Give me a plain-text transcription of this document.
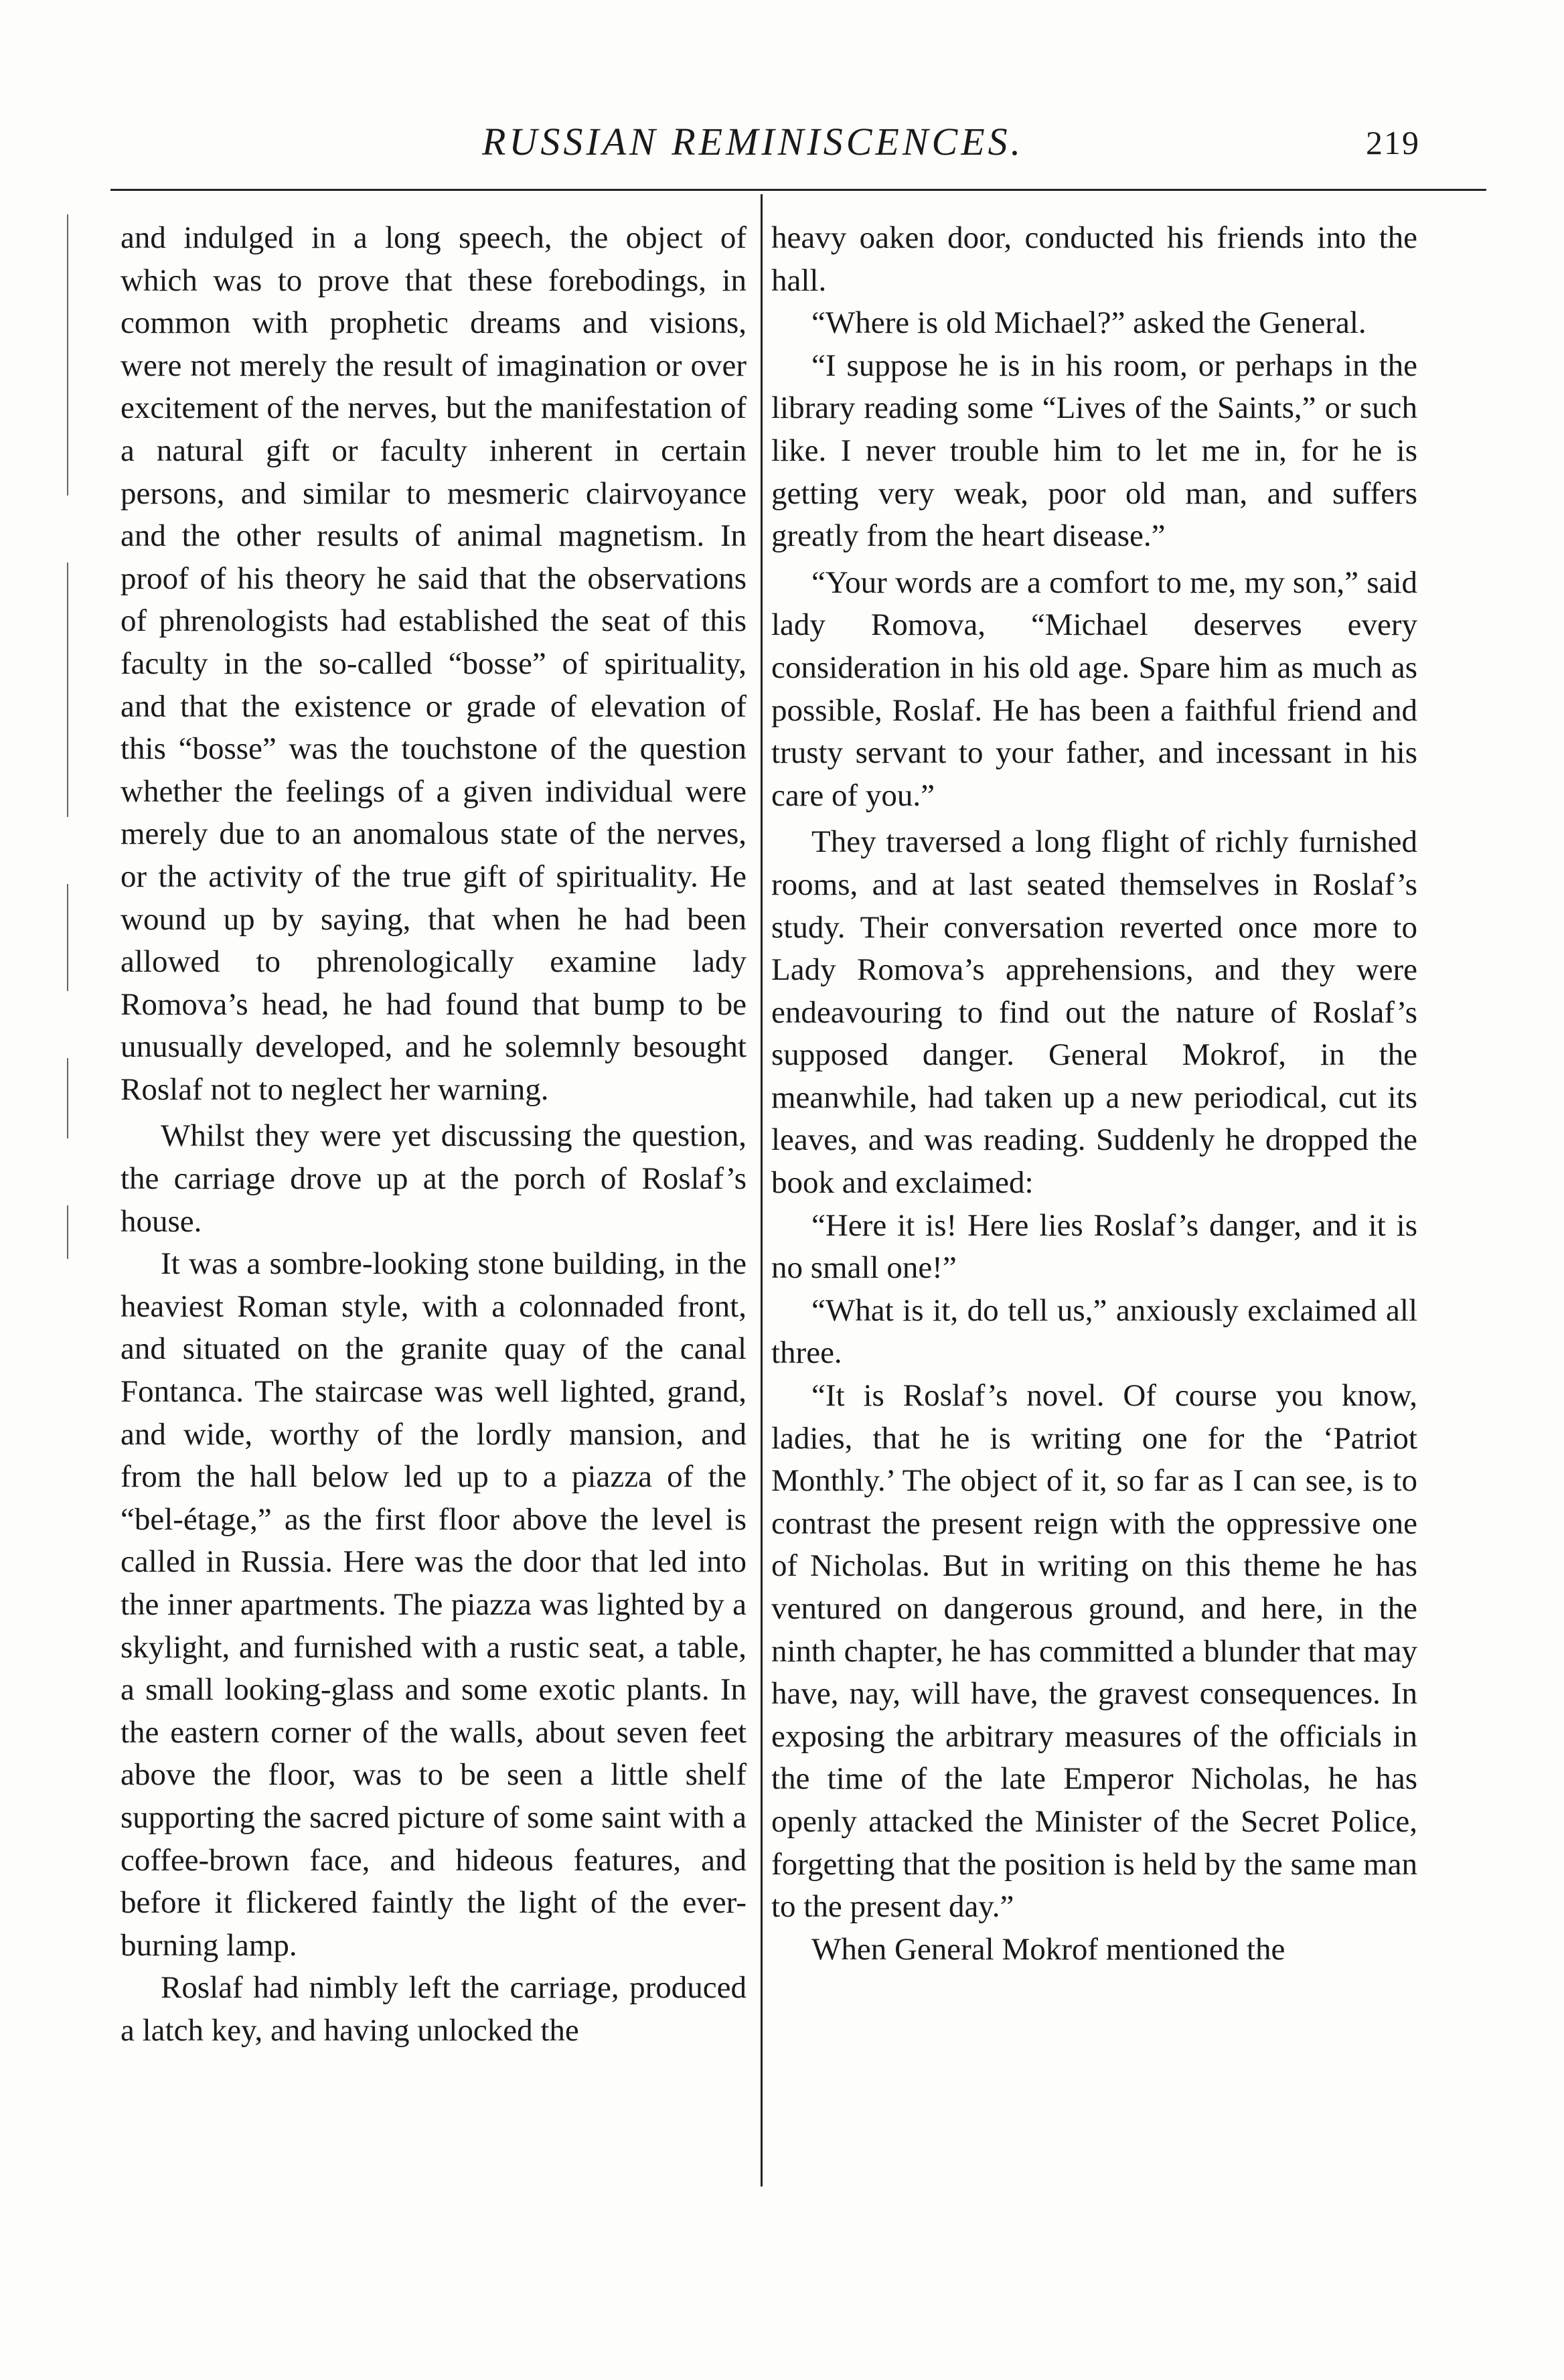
RUSSIAN REMINISCENCES.	219

and indulged in a long speech, the object of which was to prove that these forebodings, in common with prophetic dreams and visions, were not merely the result of imagination or over excitement of the nerves, but the manifestation of a natural gift or faculty inherent in certain persons, and similar to mesmeric clairvoyance and the other results of animal magnetism. In proof of his theory he said that the observations of phrenologists had established the seat of this faculty in the so-called “bosse” of spirituality, and that the existence or grade of elevation of this “bosse” was the touchstone of the question whether the feelings of a given individual were merely due to an anomalous state of the nerves, or the activity of the true gift of spirituality. He wound up by saying, that when he had been allowed to phrenologically examine lady Romova’s head, he had found that bump to be unusually developed, and he solemnly besought Roslaf not to neglect her warning.

Whilst they were yet discussing the question, the carriage drove up at the porch of Roslaf’s house.

It was a sombre-looking stone building, in the heaviest Roman style, with a colonnaded front, and situated on the granite quay of the canal Fontanca. The staircase was well lighted, grand, and wide, worthy of the lordly mansion, and from the hall below led up to a piazza of the “bel-étage,” as the first floor above the level is called in Russia. Here was the door that led into the inner apartments. The piazza was lighted by a skylight, and furnished with a rustic seat, a table, a small looking-glass and some exotic plants. In the eastern corner of the walls, about seven feet above the floor, was to be seen a little shelf supporting the sacred picture of some saint with a coffee-brown face, and hideous features, and before it flickered faintly the light of the ever-burning lamp.

Roslaf had nimbly left the carriage, produced a latch key, and having unlocked the

heavy oaken door, conducted his friends into the hall.

“Where is old Michael?” asked the General.

“I suppose he is in his room, or perhaps in the library reading some “Lives of the Saints,” or such like. I never trouble him to let me in, for he is getting very weak, poor old man, and suffers greatly from the heart disease.”

“Your words are a comfort to me, my son,” said lady Romova, “Michael deserves every consideration in his old age. Spare him as much as possible, Roslaf. He has been a faithful friend and trusty servant to your father, and incessant in his care of you.”

They traversed a long flight of richly furnished rooms, and at last seated themselves in Roslaf’s study. Their conversation reverted once more to Lady Romova’s apprehensions, and they were endeavouring to find out the nature of Roslaf’s supposed danger. General Mokrof, in the meanwhile, had taken up a new periodical, cut its leaves, and was reading. Suddenly he dropped the book and exclaimed:

“Here it is! Here lies Roslaf’s danger, and it is no small one!”

“What is it, do tell us,” anxiously exclaimed all three.

“It is Roslaf’s novel. Of course you know, ladies, that he is writing one for the ‘Patriot Monthly.’ The object of it, so far as I can see, is to contrast the present reign with the oppressive one of Nicholas. But in writing on this theme he has ventured on dangerous ground, and here, in the ninth chapter, he has committed a blunder that may have, nay, will have, the gravest consequences. In exposing the arbitrary measures of the officials in the time of the late Emperor Nicholas, he has openly attacked the Minister of the Secret Police, forgetting that the position is held by the same man to the present day.”

When General Mokrof mentioned the
